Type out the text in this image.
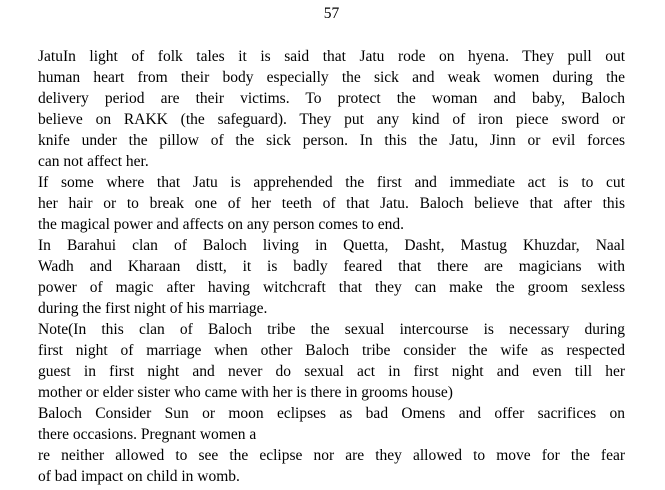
57
JatuIn light of folk tales it is said that Jatu rode on hyena. They pull out
human heart from their body especially the sick and weak women during the
delivery period are their victims. To protect the woman and baby, Baloch
believe on RAKK (the safeguard). They put any kind of iron piece sword or
knife under the pillow of the sick person. In this the Jatu, Jinn or evil forces
can not affect her.
If some where that Jatu is apprehended the first and immediate act is to cut
her hair or to break one of her teeth of that Jatu. Baloch believe that after this
the magical power and affects on any person comes to end.
In Barahui clan of Baloch living in Quetta, Dasht, Mastug Khuzdar, Naal
Wadh and Kharaan distt, it is badly feared that there are magicians with
power of magic after having witchcraft that they can make the groom sexless
during the first night of his marriage.
Note(In this clan of Baloch tribe the sexual intercourse is necessary during
first night of marriage when other Baloch tribe consider the wife as respected
guest in first night and never do sexual act in first night and even till her
mother or elder sister who came with her is there in grooms house)
Baloch Consider Sun or moon eclipses as bad Omens and offer sacrifices on
there occasions. Pregnant women a
re neither allowed to see the eclipse nor are they allowed to move for the fear
of bad impact on child in womb.
